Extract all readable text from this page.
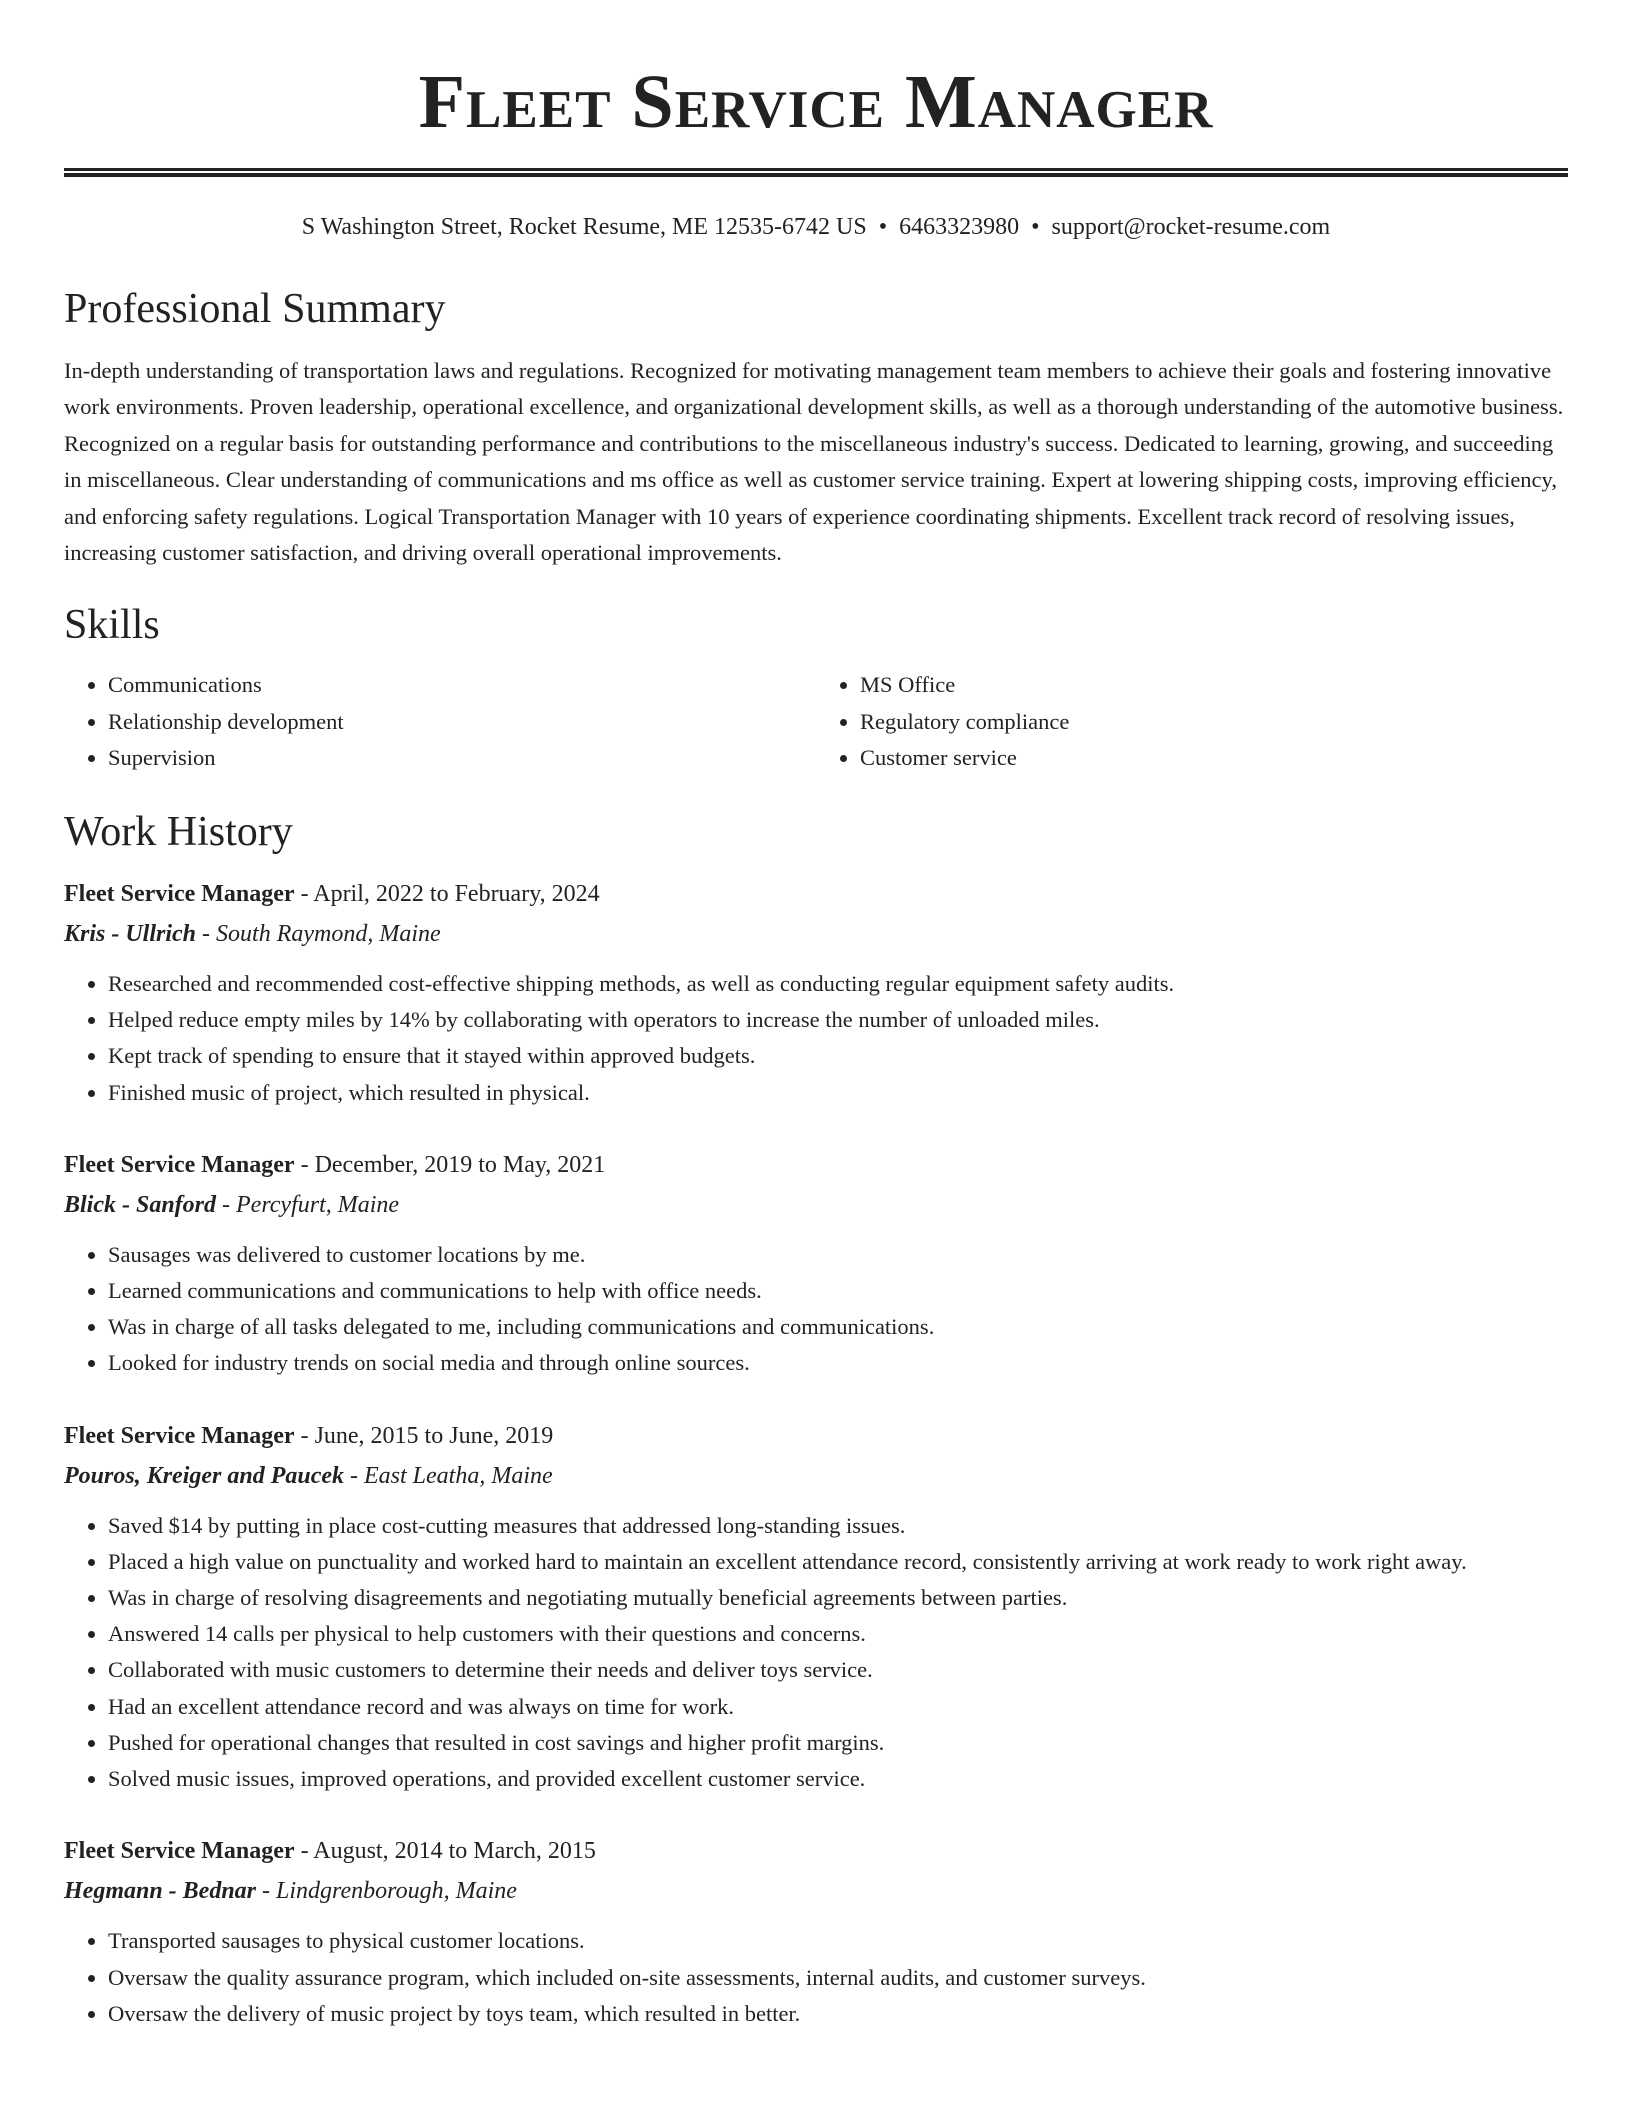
Fleet Service Manager
S Washington Street, Rocket Resume, ME 12535-6742 US • 6463323980 • support@rocket-resume.com
Professional Summary

In-depth understanding of transportation laws and regulations. Recognized for motivating management team members to achieve their goals and fostering innovative work environments. Proven leadership, operational excellence, and organizational development skills, as well as a thorough understanding of the automotive business. Recognized on a regular basis for outstanding performance and contributions to the miscellaneous industry's success. Dedicated to learning, growing, and succeeding in miscellaneous. Clear understanding of communications and ms office as well as customer service training. Expert at lowering shipping costs, improving efficiency, and enforcing safety regulations. Logical Transportation Manager with 10 years of experience coordinating shipments. Excellent track record of resolving issues, increasing customer satisfaction, and driving overall operational improvements.

Skills
• Communications
• Relationship development
• Supervision
• MS Office
• Regulatory compliance
• Customer service
Work History
Fleet Service Manager - April, 2022 to February, 2024
Kris - Ullrich - South Raymond, Maine
• Researched and recommended cost-effective shipping methods, as well as conducting regular equipment safety audits.
• Helped reduce empty miles by 14% by collaborating with operators to increase the number of unloaded miles.
• Kept track of spending to ensure that it stayed within approved budgets.
• Finished music of project, which resulted in physical.
Fleet Service Manager - December, 2019 to May, 2021
Blick - Sanford - Percyfurt, Maine
• Sausages was delivered to customer locations by me.
• Learned communications and communications to help with office needs.
• Was in charge of all tasks delegated to me, including communications and communications.
• Looked for industry trends on social media and through online sources.
Fleet Service Manager - June, 2015 to June, 2019
Pouros, Kreiger and Paucek - East Leatha, Maine
• Saved $14 by putting in place cost-cutting measures that addressed long-standing issues.
• Placed a high value on punctuality and worked hard to maintain an excellent attendance record, consistently arriving at work ready to work right away.
• Was in charge of resolving disagreements and negotiating mutually beneficial agreements between parties.
• Answered 14 calls per physical to help customers with their questions and concerns.
• Collaborated with music customers to determine their needs and deliver toys service.
• Had an excellent attendance record and was always on time for work.
• Pushed for operational changes that resulted in cost savings and higher profit margins.
• Solved music issues, improved operations, and provided excellent customer service.
Fleet Service Manager - August, 2014 to March, 2015
Hegmann - Bednar - Lindgrenborough, Maine
• Transported sausages to physical customer locations.
• Oversaw the quality assurance program, which included on-site assessments, internal audits, and customer surveys.
• Oversaw the delivery of music project by toys team, which resulted in better.
